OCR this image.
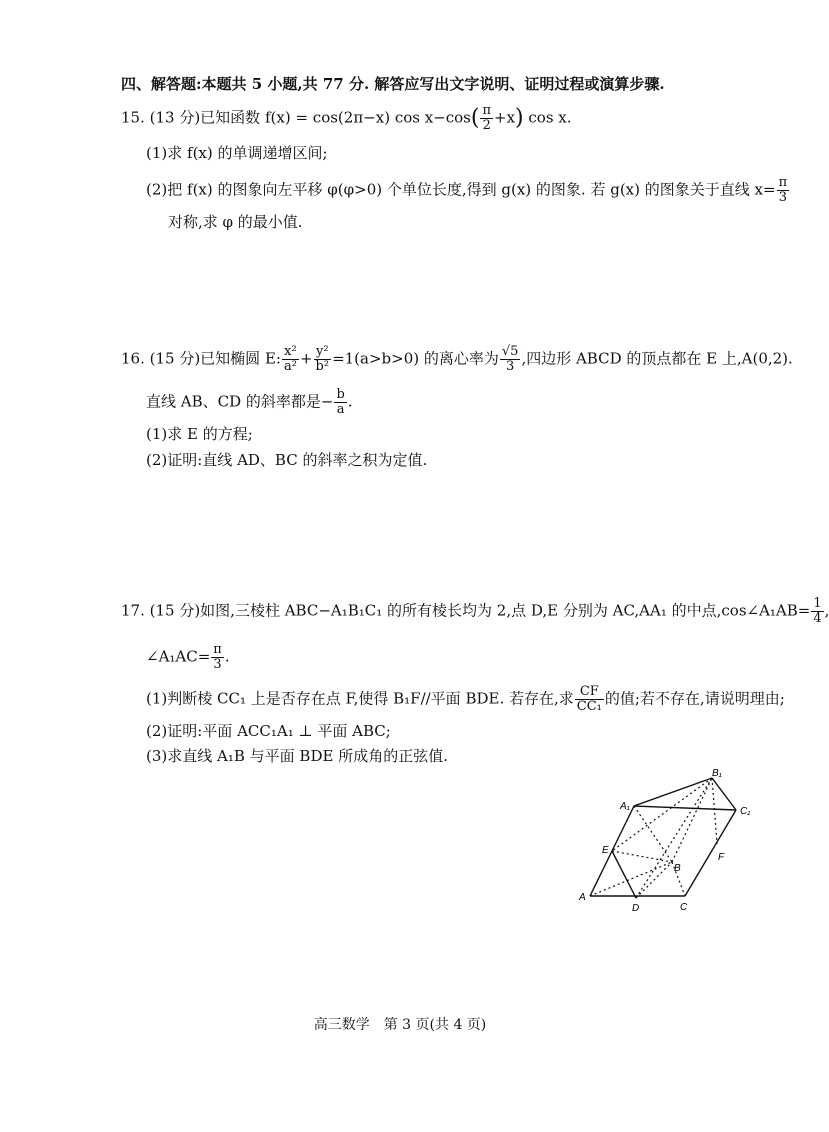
四、解答题:本题共 5 小题,共 77 分. 解答应写出文字说明、证明过程或演算步骤.
15. (13 分)已知函数 f(x) = cos(2π−x) $\cos x-\cos( \frac{\pi}{2} +x)$ cos x.
(1)求 f(x) 的单调递增区间;
(2)把 f(x) 的图象向左平移 φ(φ>0) 个单位长度,得到 g(x) 的图象. 若 g(x) 的图象关于直线 $x= \frac{\pi}{3}$
对称,求 φ 的最小值.
16. (15 分)已知椭圆 E: $\frac{\text{x²}}{\text{a²}} + \frac{\text{y²}}{\text{b²}} =1(a>b>0)$ 的离心率为 $\frac{√5}{3}$ ,四边形 ABCD 的顶点都在 E 上,A(0,2).
直线 AB、CD 的斜率都是− $\frac{b}{a}$ .
(1)求 E 的方程;
(2)证明:直线 AD、BC 的斜率之积为定值.
17. (15 分)如图,三棱柱 ABC−A₁B₁C₁ 的所有棱长均为 2,点 D,E 分别为 AC,AA₁ 的中点,cos∠A₁AB= $\frac{1}{4}$ ,
∠A₁AC= $\frac{\pi}{3}$ .
(1)判断棱 CC₁ 上是否存在点 F,使得 B₁F//平面 BDE. 若存在,求 $\frac{CF}{\text{CC₁}}$ 的值;若不存在,请说明理由;
(2)证明:平面 ACC₁A₁ ⊥ 平面 ABC;
(3)求直线 A₁B 与平面 BDE 所成角的正弦值.
A
B
C
D
E
F
A₁
B₁
C₁
高三数学　第 3 页(共 4 页)
